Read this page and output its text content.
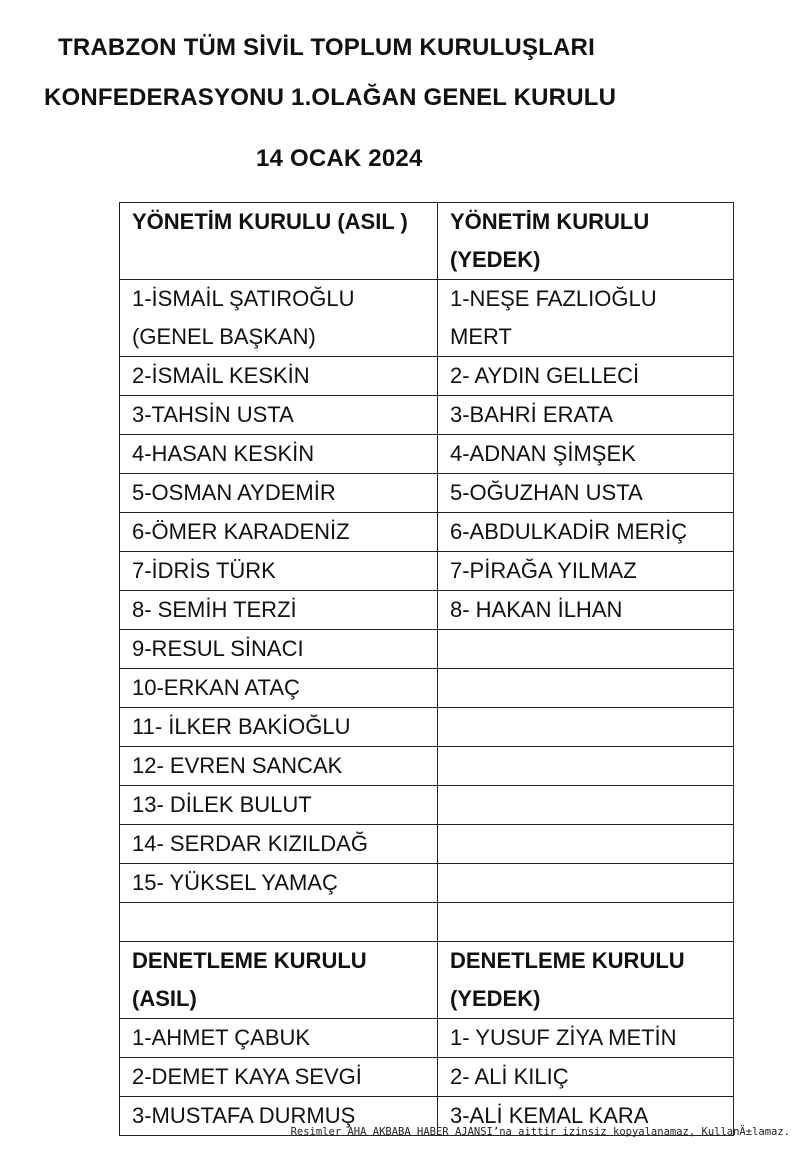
TRABZON TÜM SİVİL TOPLUM KURULUŞLARI
KONFEDERASYONU 1.OLAĞAN GENEL KURULU
14 OCAK 2024
YÖNETİM KURULU (ASIL )	YÖNETİM KURULU (YEDEK)
1-İSMAİL ŞATIROĞLU (GENEL BAŞKAN)	1-NEŞE FAZLIOĞLU MERT
2-İSMAİL KESKİN	2- AYDIN GELLECİ
3-TAHSİN USTA	3-BAHRİ ERATA
4-HASAN KESKİN	4-ADNAN ŞİMŞEK
5-OSMAN AYDEMİR	5-OĞUZHAN USTA
6-ÖMER KARADENİZ	6-ABDULKADİR MERİÇ
7-İDRİS TÜRK	7-PİRAĞA YILMAZ
8- SEMİH TERZİ	8- HAKAN İLHAN
9-RESUL SİNACI	
10-ERKAN ATAÇ	
11- İLKER BAKİOĞLU	
12- EVREN SANCAK	
13- DİLEK BULUT	
14- SERDAR KIZILDAĞ	
15- YÜKSEL YAMAÇ	

DENETLEME KURULU (ASIL)	DENETLEME KURULU (YEDEK)
1-AHMET ÇABUK	1- YUSUF ZİYA METİN
2-DEMET KAYA SEVGİ	2- ALİ KILIÇ
3-MUSTAFA DURMUŞ	3-ALİ KEMAL KARA
Resimler AHA AKBABA HABER AJANSI’na aittir izinsiz kopyalanamaz, KullanÄ±lamaz.
